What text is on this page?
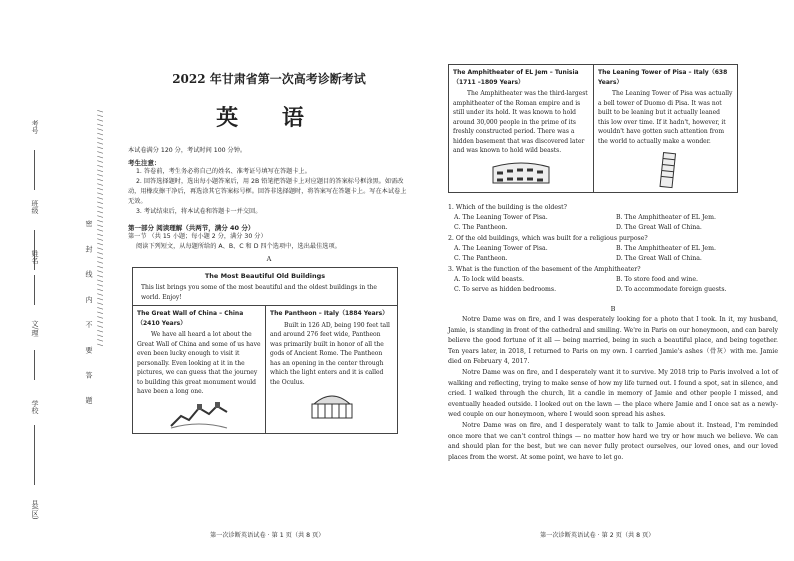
考号
班级
姓名
文/理
学校
县(区)
密 封 线 内 不 要 答 题 / / / / / / / / / / / / / / / / / / / / / / / / / / / / / / / / / / / / / / / / / / / / / / / / / / / /
2022 年甘肃省第一次高考诊断考试
英 语
本试卷满分 120 分，考试时间 100 分钟。
考生注意：
1. 答卷前，考生务必将自己的姓名、准考证号填写在答题卡上。
2. 回答选择题时，选出每小题答案后，用 2B 铅笔把答题卡上对应题目的答案标号框涂黑。如需改动，用橡皮擦干净后，再选涂其它答案标号框。回答非选择题时，将答案写在答题卡上。写在本试卷上无效。
3. 考试结束后，将本试卷和答题卡一并交回。
第一部分 阅读理解（共两节，满分 40 分）
第一节 （共 15 小题；每小题 2 分，满分 30 分）
阅读下列短文，从每题所给的 A、B、C 和 D 四个选项中，选出最佳选项。
A
The Most Beautiful Old Buildings
This list brings you some of the most beautiful and the oldest buildings in the world. Enjoy!
The Great Wall of China – China（2410 Years）
We have all heard a lot about the Great Wall of China and some of us have even been lucky enough to visit it personally. Even looking at it in the pictures, we can guess that the journey to building this great monument would have been a long one.
The Pantheon – Italy（1884 Years）
Built in 126 AD, being 190 feet tall and around 276 feet wide, Pantheon was primarily built in honor of all the gods of Ancient Rome. The Pantheon has an opening in the center through which the light enters and it is called the Oculus.
第一次诊断英语试卷 · 第 1 页（共 8 页）
The Amphitheater of EL Jem – Tunisia（1711 –1809 Years）
The Amphitheater was the third-largest amphitheater of the Roman empire and is still under its hold. It was known to hold around 30,000 people in the prime of its freshly constructed period. There was a hidden basement that was discovered later and was known to hold wild beasts.
The Leaning Tower of Pisa – Italy（638 Years）
The Leaning Tower of Pisa was actually a bell tower of Duomo di Pisa. It was not built to be leaning but it actually leaned this low over time. If it hadn't, however, it wouldn't have gotten such attention from the world to actually make a wonder.
1. Which of the building is the oldest?
A. The Leaning Tower of Pisa.	B. The Amphitheater of EL Jem.
C. The Pantheon.	D. The Great Wall of China.
2. Of the old buildings, which was built for a religious purpose?
A. The Leaning Tower of Pisa.	B. The Amphitheater of EL Jem.
C. The Pantheon.	D. The Great Wall of China.
3. What is the function of the basement of the Amphitheater?
A. To lock wild beasts.	B. To store food and wine.
C. To serve as hidden bedrooms.	D. To accommodate foreign guests.
B
Notre Dame was on fire, and I was desperately looking for a photo that I took. In it, my husband, Jamie, is standing in front of the cathedral and smiling. We're in Paris on our honeymoon, and can barely believe the good fortune of it all — being married, being in such a beautiful place, and being together. Ten years later, in 2018, I returned to Paris on my own. I carried Jamie's ashes（骨灰）with me. Jamie died on February 4, 2017.
Notre Dame was on fire, and I desperately want it to survive. My 2018 trip to Paris involved a lot of walking and reflecting, trying to make sense of how my life turned out. I found a spot, sat in silence, and cried. I walked through the church, lit a candle in memory of Jamie and other people I missed, and eventually headed outside. I looked out on the lawn — the place where Jamie and I once sat as a newly-wed couple on our honeymoon, where I would soon spread his ashes.
Notre Dame was on fire, and I desperately want to talk to Jamie about it. Instead, I'm reminded once more that we can't control things — no matter how hard we try or how much we believe. We can and should plan for the best, but we can never fully protect ourselves, our loved ones, and our loved places from the worst. At some point, we have to let go.
第一次诊断英语试卷 · 第 2 页（共 8 页）
